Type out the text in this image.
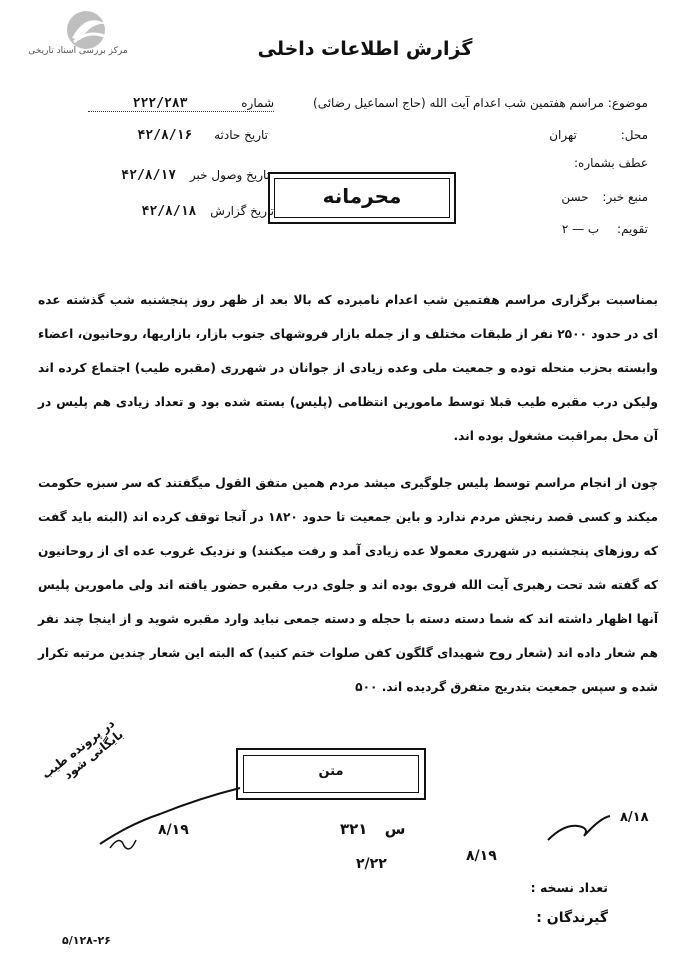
مرکز بررسی اسناد تاریخی	گزارش اطلاعات داخلی
موضوع: مراسم هفتمین شب اعدام آیت ‌الله‌ (حاج اسماعیل رضائی)
محل: تهران
عطف بشماره:
منبع خبر: حسن
تقویم: ب — ۲
شماره ۲۲۲/۲۸۳
تاریخ حادثه ۴۲/۸/۱۶
تاریخ وصول خبر ۴۲/۸/۱۷
تاریخ گزارش ۴۲/۸/۱۸
محرمانه
بمناسبت برگزاری مراسم هفتمین شب اعدام نامبرده که بالا بعد از ظهر روز پنجشنبه شب گذشته عده ای در حدود ۲۵۰۰ نفر از طبقات مختلف و از جمله بازار فروشهای جنوب بازار، بازاریها، روحانیون، اعضاء وابسته بحزب منحله توده و جمعیت ملی وعده زیادی از جوانان در شهرری (مقبره طیب) اجتماع کرده اند ولیکن درب مقبره طیب قبلا توسط مامورین انتظامی (پلیس) بسته شده بود و تعداد زیادی هم پلیس در آن محل بمراقبت مشغول بوده اند.
چون از انجام مراسم توسط پلیس جلوگیری میشد مردم همین متفق القول میگفتند که سر سبزه حکومت میکند و کسی قصد رنجش مردم ندارد و باین جمعیت تا حدود ۱۸۲۰ در آنجا توقف کرده اند (البته باید گفت که روزهای پنجشنبه در شهرری معمولا عده زیادی آمد و رفت میکنند) و نزدیک غروب عده ای از روحانیون که گفته شد تحت رهبری آیت الله فروی بوده اند و جلوی درب مقبره حضور یافته اند ولی مامورین پلیس آنها اظهار داشته اند که شما دسته دسته با حجله و دسته جمعی نباید وارد مقبره شوید و از اینجا چند نفر هم شعار داده اند (شعار روح شهیدای گلگون کفن صلوات ختم کنید) که البته این شعار چندین مرتبه تکرار شده و سپس جمعیت بتدریج متفرق گردیده اند. ۵۰۰
متن
در پرونده طیب بایگانی شود
۸/۱۹	س ۳۲۱
۲/۲۲	۸/۱۹
۸/۱۸
تعداد نسخه :
گیرندگان :
۵/۱۲۸-۲۶
